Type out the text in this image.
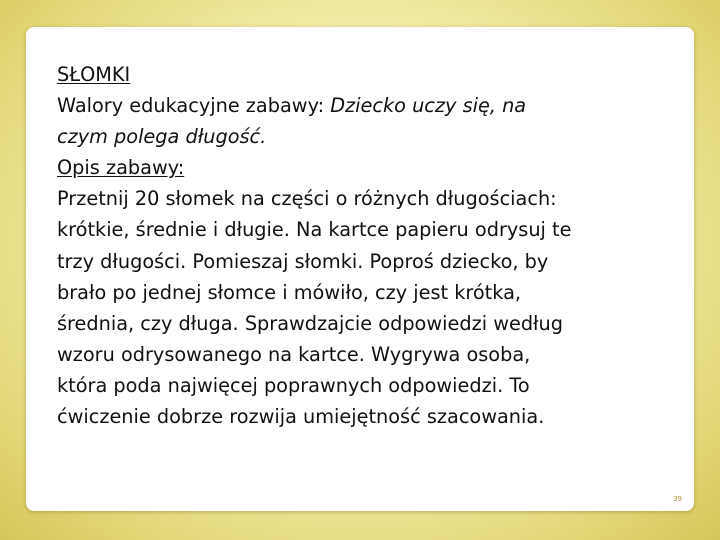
SŁOMKI
Walory edukacyjne zabawy: Dziecko uczy się, na
czym polega długość.
Opis zabawy:
Przetnij 20 słomek na części o różnych długościach:
krótkie, średnie i długie. Na kartce papieru odrysuj te
trzy długości. Pomieszaj słomki. Poproś dziecko, by
brało po jednej słomce i mówiło, czy jest krótka,
średnia, czy długa. Sprawdzajcie odpowiedzi według
wzoru odrysowanego na kartce. Wygrywa osoba,
która poda najwięcej poprawnych odpowiedzi. To
ćwiczenie dobrze rozwija umiejętność szacowania.
39
